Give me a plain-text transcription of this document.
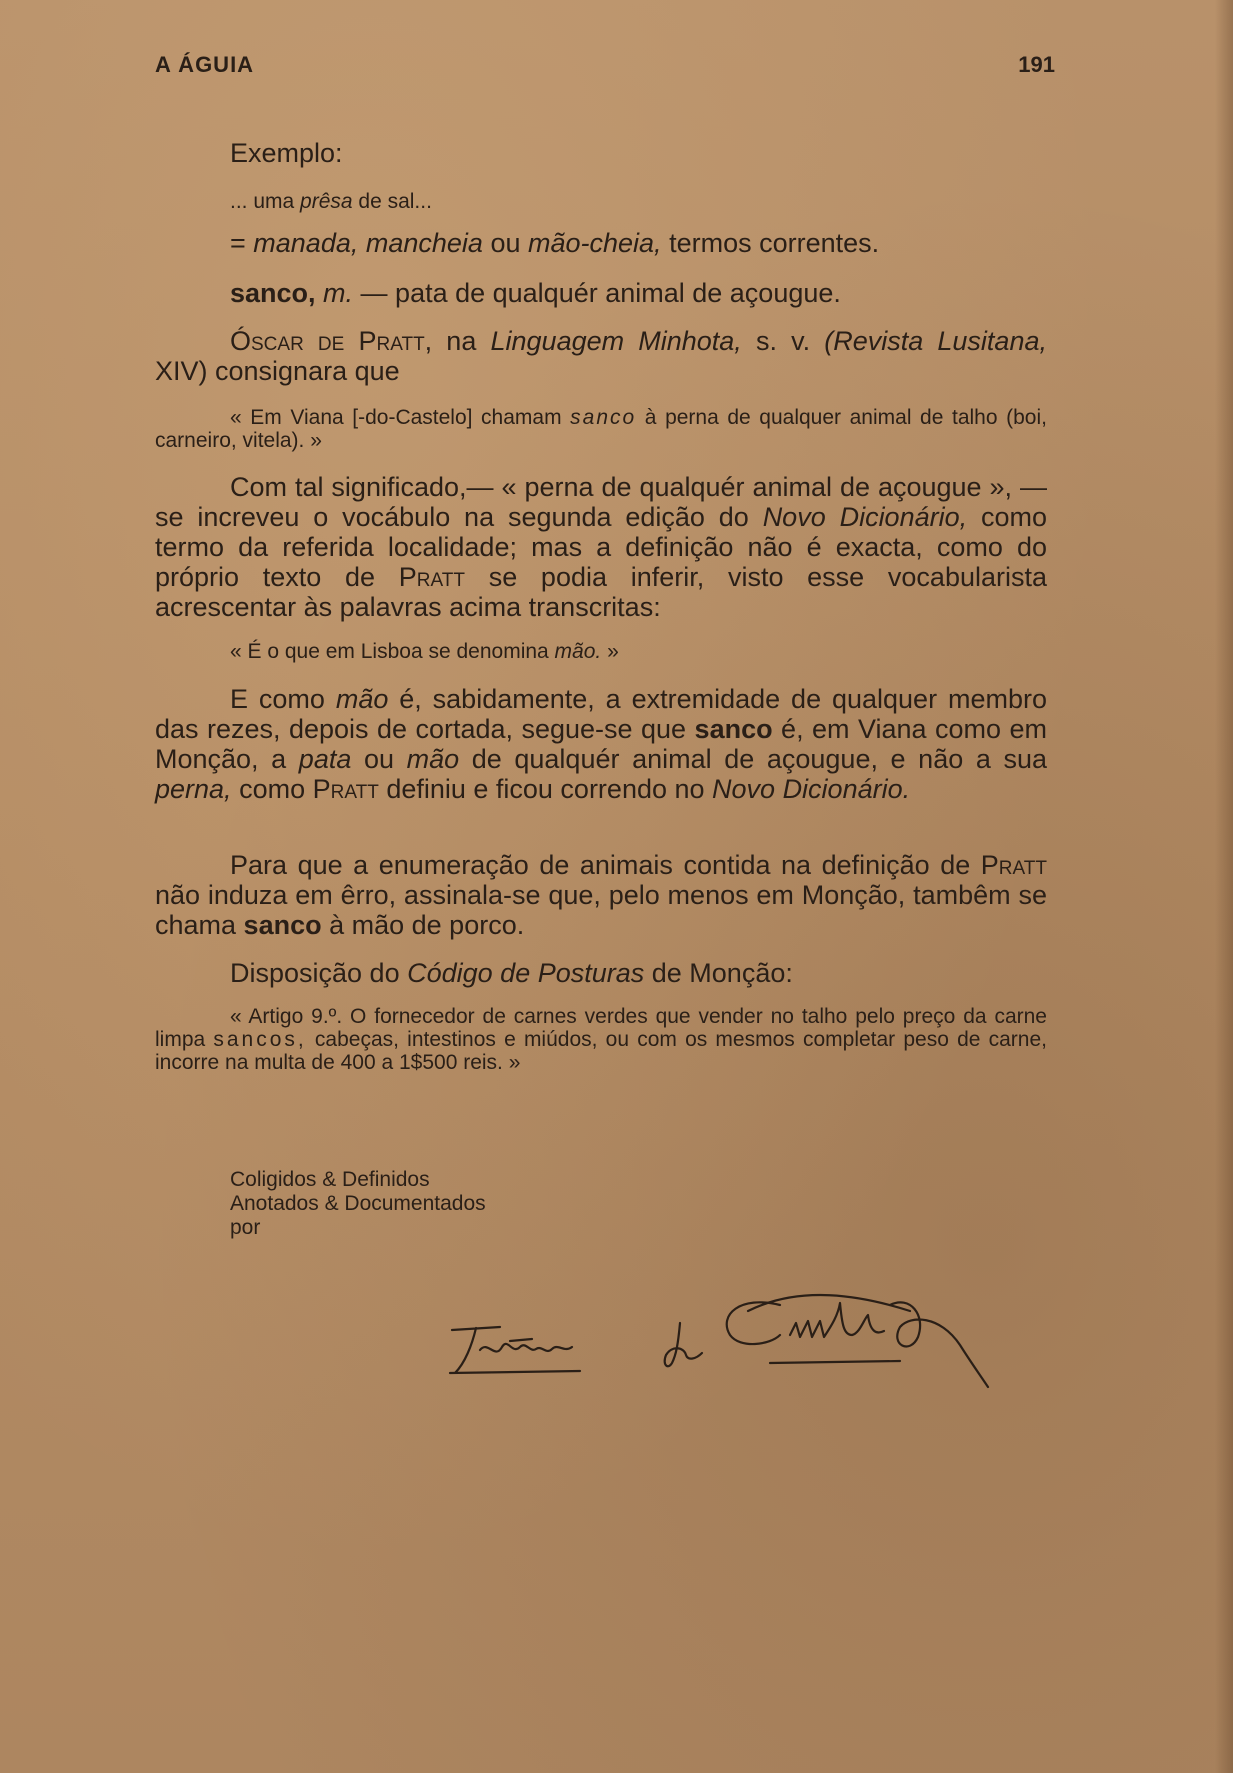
A ÁGUIA	191

Exemplo:

... uma prêsa de sal...

= manada, mancheia ou mão-cheia, termos correntes.

sanco, m. — pata de qualquér animal de açougue.

Óscar de Pratt, na Linguagem Minhota, s. v. (Revista Lusitana, XIV) consignara que

« Em Viana [-do-Castelo] chamam sanco à perna de qualquer animal de talho (boi, carneiro, vitela). »

Com tal significado,— « perna de qualquér animal de açougue », — se increveu o vocábulo na segunda edição do Novo Dicionário, como termo da referida localidade; mas a definição não é exacta, como do próprio texto de Pratt se podia inferir, visto esse vocabularista acrescentar às palavras acima transcritas:

« É o que em Lisboa se denomina mão. »

E como mão é, sabidamente, a extremidade de qualquer membro das rezes, depois de cortada, segue-se que sanco é, em Viana como em Monção, a pata ou mão de qualquér animal de açougue, e não a sua perna, como Pratt definiu e ficou correndo no Novo Dicionário.

Para que a enumeração de animais contida na definição de Pratt não induza em êrro, assinala-se que, pelo menos em Monção, tambêm se chama sanco à mão de porco.

Disposição do Código de Posturas de Monção:

« Artigo 9.º. O fornecedor de carnes verdes que vender no talho pelo preço da carne limpa sancos, cabeças, intestinos e miúdos, ou com os mesmos completar peso de carne, incorre na multa de 400 a 1$500 reis. »

Coligidos & Definidos
Anotados & Documentados
por
